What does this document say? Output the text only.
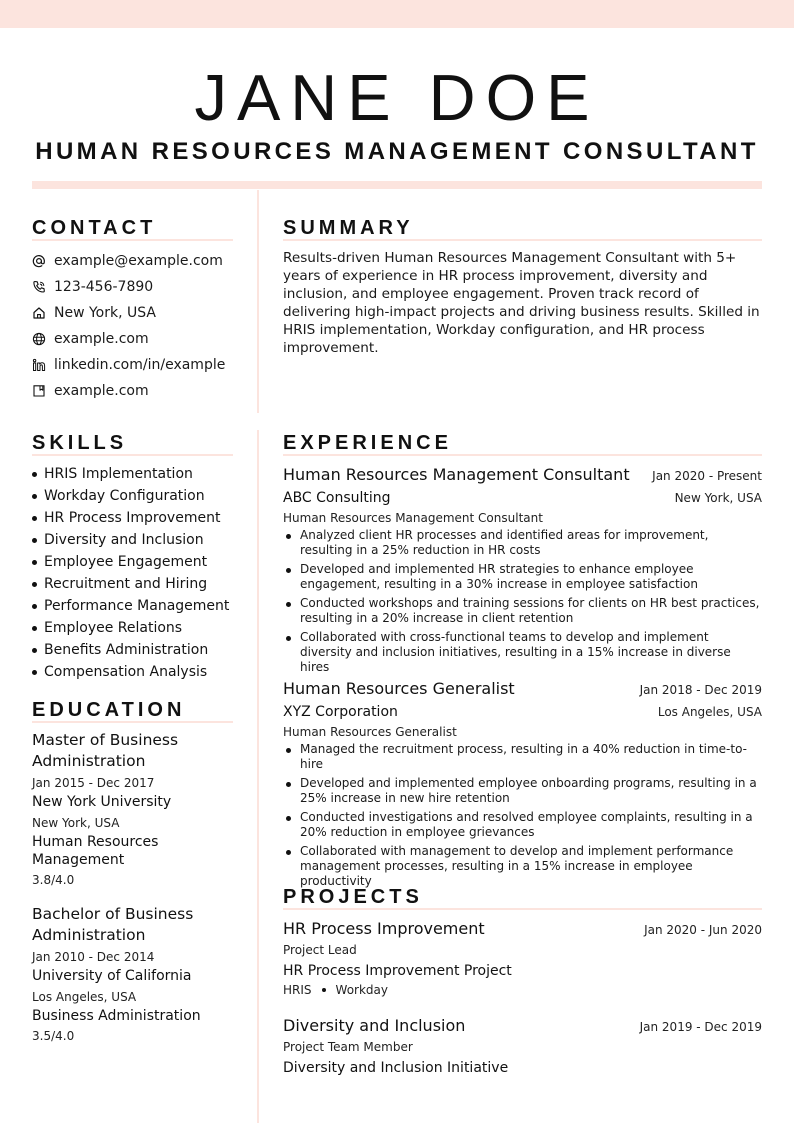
JANE DOE
HUMAN RESOURCES MANAGEMENT CONSULTANT
CONTACT
example@example.com
123-456-7890
New York, USA
example.com
linkedin.com/in/example
example.com
SUMMARY
Results-driven Human Resources Management Consultant with 5+ years of experience in HR process improvement, diversity and inclusion, and employee engagement. Proven track record of delivering high-impact projects and driving business results. Skilled in HRIS implementation, Workday configuration, and HR process improvement.
SKILLS
HRIS Implementation
Workday Configuration
HR Process Improvement
Diversity and Inclusion
Employee Engagement
Recruitment and Hiring
Performance Management
Employee Relations
Benefits Administration
Compensation Analysis
EDUCATION
Master of Business Administration
Jan 2015 - Dec 2017
New York University
New York, USA
Human Resources Management
3.8/4.0
Bachelor of Business Administration
Jan 2010 - Dec 2014
University of California
Los Angeles, USA
Business Administration
3.5/4.0
EXPERIENCE
Human Resources Management Consultant Jan 2020 - Present
ABC Consulting	New York, USA
Human Resources Management Consultant
Analyzed client HR processes and identified areas for improvement, resulting in a 25% reduction in HR costs
Developed and implemented HR strategies to enhance employee engagement, resulting in a 30% increase in employee satisfaction
Conducted workshops and training sessions for clients on HR best practices, resulting in a 20% increase in client retention
Collaborated with cross-functional teams to develop and implement diversity and inclusion initiatives, resulting in a 15% increase in diverse hires
Human Resources Generalist	Jan 2018 - Dec 2019
XYZ Corporation	Los Angeles, USA
Human Resources Generalist
Managed the recruitment process, resulting in a 40% reduction in time-to-hire
Developed and implemented employee onboarding programs, resulting in a 25% increase in new hire retention
Conducted investigations and resolved employee complaints, resulting in a 20% reduction in employee grievances
Collaborated with management to develop and implement performance management processes, resulting in a 15% increase in employee productivity
PROJECTS
HR Process Improvement	Jan 2020 - Jun 2020
Project Lead
HR Process Improvement Project
HRIS Workday
Diversity and Inclusion	Jan 2019 - Dec 2019
Project Team Member
Diversity and Inclusion Initiative
